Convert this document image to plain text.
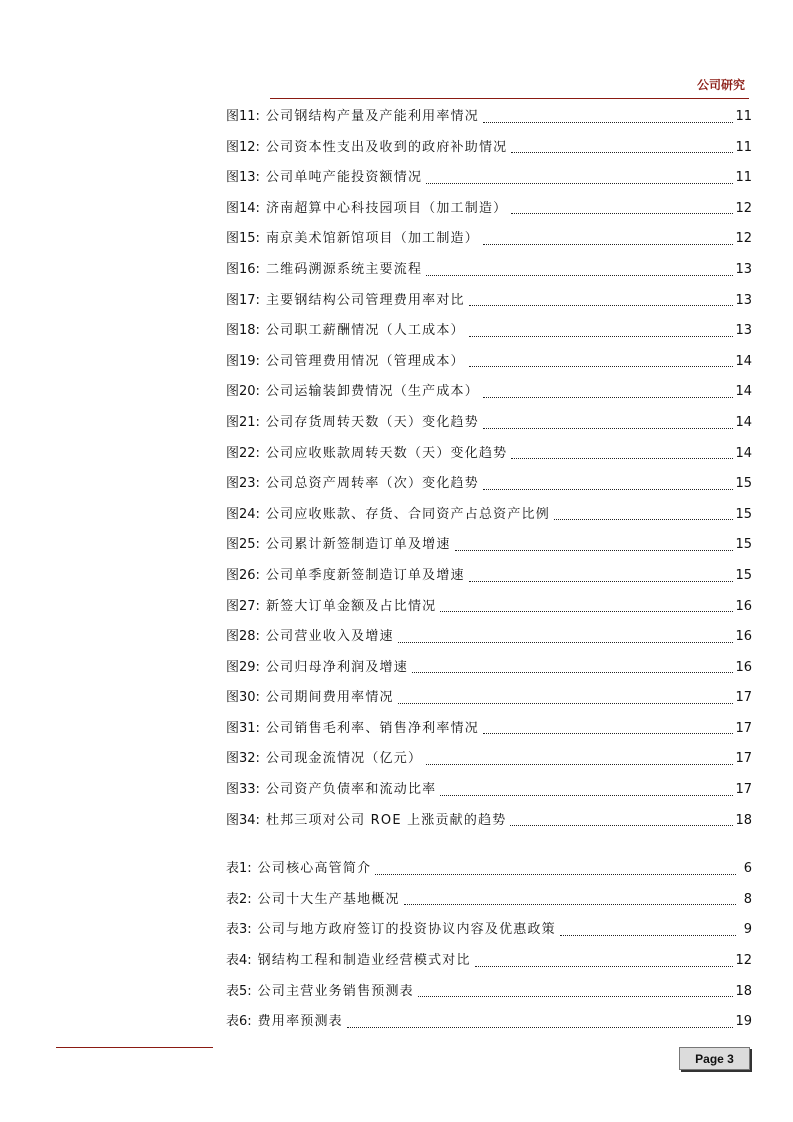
公司研究
图 11: 公司钢结构产量及产能利用率情况	11
图 12: 公司资本性支出及收到的政府补助情况	11
图 13: 公司单吨产能投资额情况	11
图 14: 济南超算中心科技园项目（加工制造）	12
图 15: 南京美术馆新馆项目（加工制造）	12
图 16: 二维码溯源系统主要流程	13
图 17: 主要钢结构公司管理费用率对比	13
图 18: 公司职工薪酬情况（人工成本）	13
图 19: 公司管理费用情况（管理成本）	14
图 20: 公司运输装卸费情况（生产成本）	14
图 21: 公司存货周转天数（天）变化趋势	14
图 22: 公司应收账款周转天数（天）变化趋势	14
图 23: 公司总资产周转率（次）变化趋势	15
图 24: 公司应收账款、存货、合同资产占总资产比例	15
图 25: 公司累计新签制造订单及增速	15
图 26: 公司单季度新签制造订单及增速	15
图 27: 新签大订单金额及占比情况	16
图 28: 公司营业收入及增速	16
图 29: 公司归母净利润及增速	16
图 30: 公司期间费用率情况	17
图 31: 公司销售毛利率、销售净利率情况	17
图 32: 公司现金流情况（亿元）	17
图 33: 公司资产负债率和流动比率	17
图 34: 杜邦三项对公司 ROE 上涨贡献的趋势	18
表 1: 公司核心高管简介	6
表 2: 公司十大生产基地概况	8
表 3: 公司与地方政府签订的投资协议内容及优惠政策	9
表 4: 钢结构工程和制造业经营模式对比	12
表 5: 公司主营业务销售预测表	18
表 6: 费用率预测表	19
Page 3
